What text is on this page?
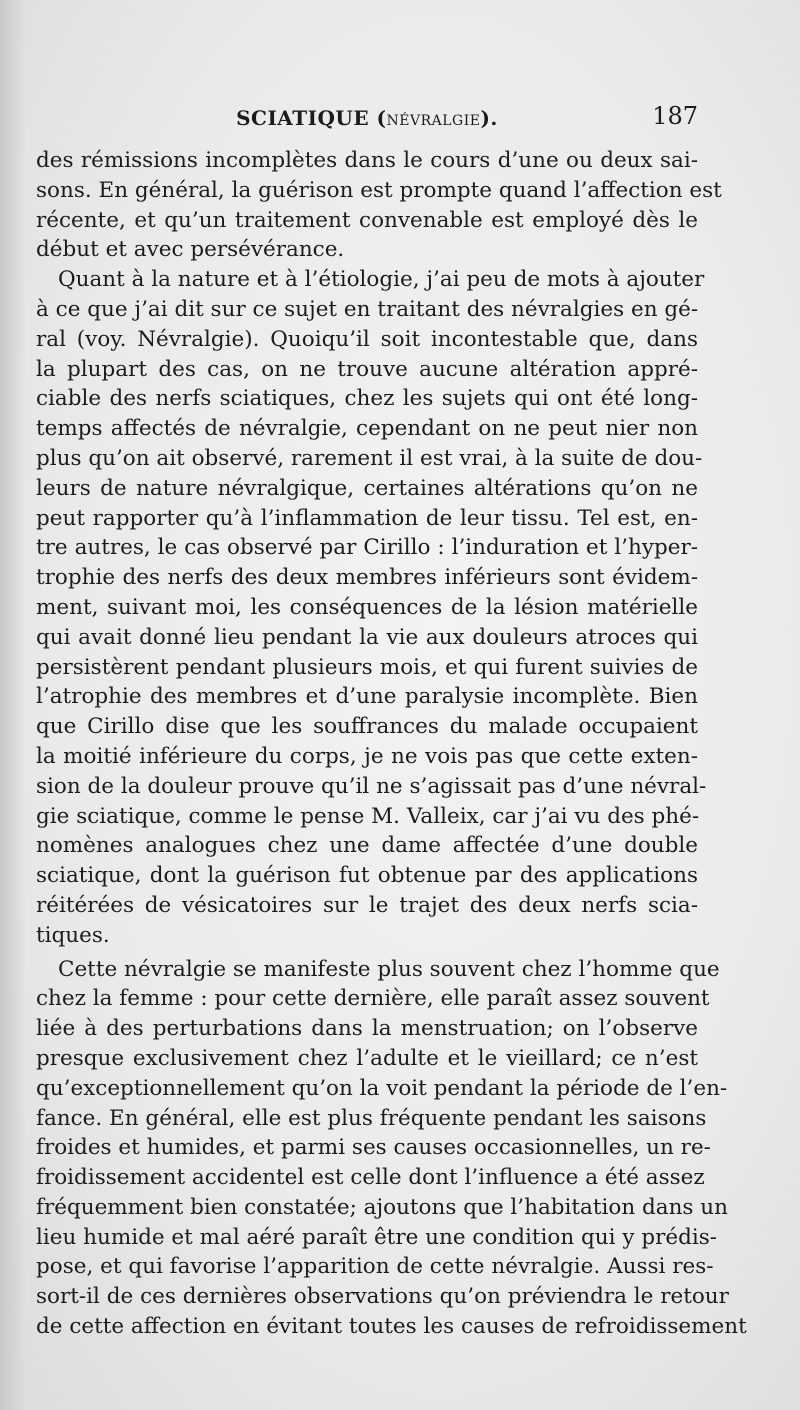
SCIATIQUE (névralgie).	187
des rémissions incomplètes dans le cours d’une ou deux sai-
sons. En général, la guérison est prompte quand l’affection est
récente, et qu’un traitement convenable est employé dès le
début et avec persévérance.
Quant à la nature et à l’étiologie, j’ai peu de mots à ajouter
à ce que j’ai dit sur ce sujet en traitant des névralgies en gé-
ral (voy. Névralgie). Quoiqu’il soit incontestable que, dans
la plupart des cas, on ne trouve aucune altération appré-
ciable des nerfs sciatiques, chez les sujets qui ont été long-
temps affectés de névralgie, cependant on ne peut nier non
plus qu’on ait observé, rarement il est vrai, à la suite de dou-
leurs de nature névralgique, certaines altérations qu’on ne
peut rapporter qu’à l’inflammation de leur tissu. Tel est, en-
tre autres, le cas observé par Cirillo : l’induration et l’hyper-
trophie des nerfs des deux membres inférieurs sont évidem-
ment, suivant moi, les conséquences de la lésion matérielle
qui avait donné lieu pendant la vie aux douleurs atroces qui
persistèrent pendant plusieurs mois, et qui furent suivies de
l’atrophie des membres et d’une paralysie incomplète. Bien
que Cirillo dise que les souffrances du malade occupaient
la moitié inférieure du corps, je ne vois pas que cette exten-
sion de la douleur prouve qu’il ne s’agissait pas d’une névral-
gie sciatique, comme le pense M. Valleix, car j’ai vu des phé-
nomènes analogues chez une dame affectée d’une double
sciatique, dont la guérison fut obtenue par des applications
réitérées de vésicatoires sur le trajet des deux nerfs scia-
tiques.
Cette névralgie se manifeste plus souvent chez l’homme que
chez la femme : pour cette dernière, elle paraît assez souvent
liée à des perturbations dans la menstruation; on l’observe
presque exclusivement chez l’adulte et le vieillard; ce n’est
qu’exceptionnellement qu’on la voit pendant la période de l’en-
fance. En général, elle est plus fréquente pendant les saisons
froides et humides, et parmi ses causes occasionnelles, un re-
froidissement accidentel est celle dont l’influence a été assez
fréquemment bien constatée; ajoutons que l’habitation dans un
lieu humide et mal aéré paraît être une condition qui y prédis-
pose, et qui favorise l’apparition de cette névralgie. Aussi res-
sort-il de ces dernières observations qu’on préviendra le retour
de cette affection en évitant toutes les causes de refroidissement
